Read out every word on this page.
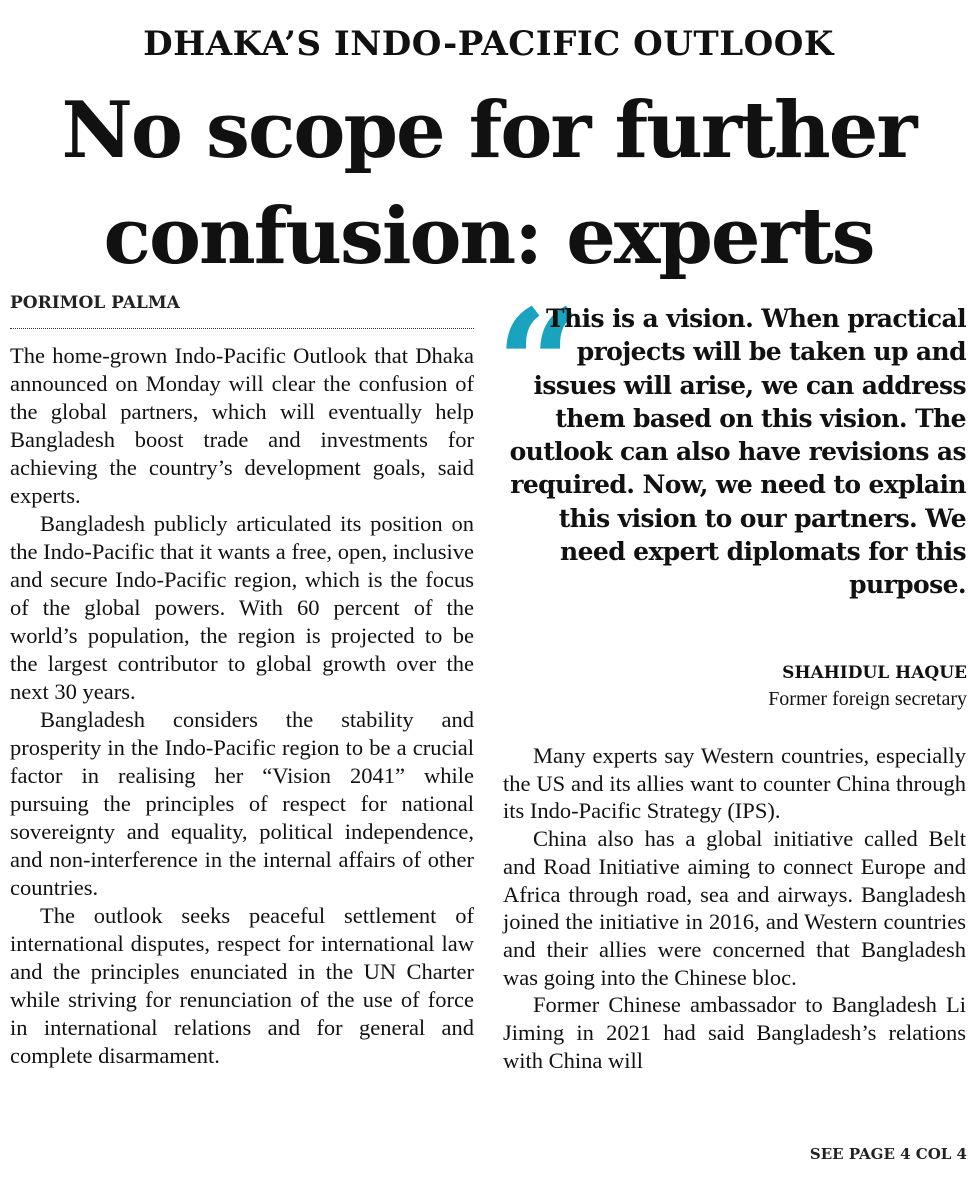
DHAKA’S INDO-PACIFIC OUTLOOK
No scope for further
confusion: experts
PORIMOL PALMA

The home-grown Indo-Pacific Outlook that Dhaka announced on Monday will clear the confusion of the global partners, which will eventually help Bangladesh boost trade and investments for achieving the country’s development goals, said experts.

Bangladesh publicly articulated its position on the Indo-Pacific that it wants a free, open, inclusive and secure Indo-Pacific region, which is the focus of the global powers. With 60 percent of the world’s population, the region is projected to be the largest contributor to global growth over the next 30 years.

Bangladesh considers the stability and prosperity in the Indo-Pacific region to be a crucial factor in realising her “Vision 2041” while pursuing the principles of respect for national sovereignty and equality, political independence, and non-interference in the internal affairs of other countries.

The outlook seeks peaceful settlement of international disputes, respect for international law and the principles enunciated in the UN Charter while striving for renunciation of the use of force in international relations and for general and complete disarmament.

“
This is a vision. When practical projects will be taken up and issues will arise, we can address them based on this vision. The outlook can also have revisions as required. Now, we need to explain this vision to our partners. We need expert diplomats for this purpose.
SHAHIDUL HAQUE
Former foreign secretary

Many experts say Western countries, especially the US and its allies want to counter China through its Indo-Pacific Strategy (IPS).

China also has a global initiative called Belt and Road Initiative aiming to connect Europe and Africa through road, sea and airways. Bangladesh joined the initiative in 2016, and Western countries and their allies were concerned that Bangladesh was going into the Chinese bloc.

Former Chinese ambassador to Bangladesh Li Jiming in 2021 had said Bangladesh’s relations with China will

SEE PAGE 4 COL 4
